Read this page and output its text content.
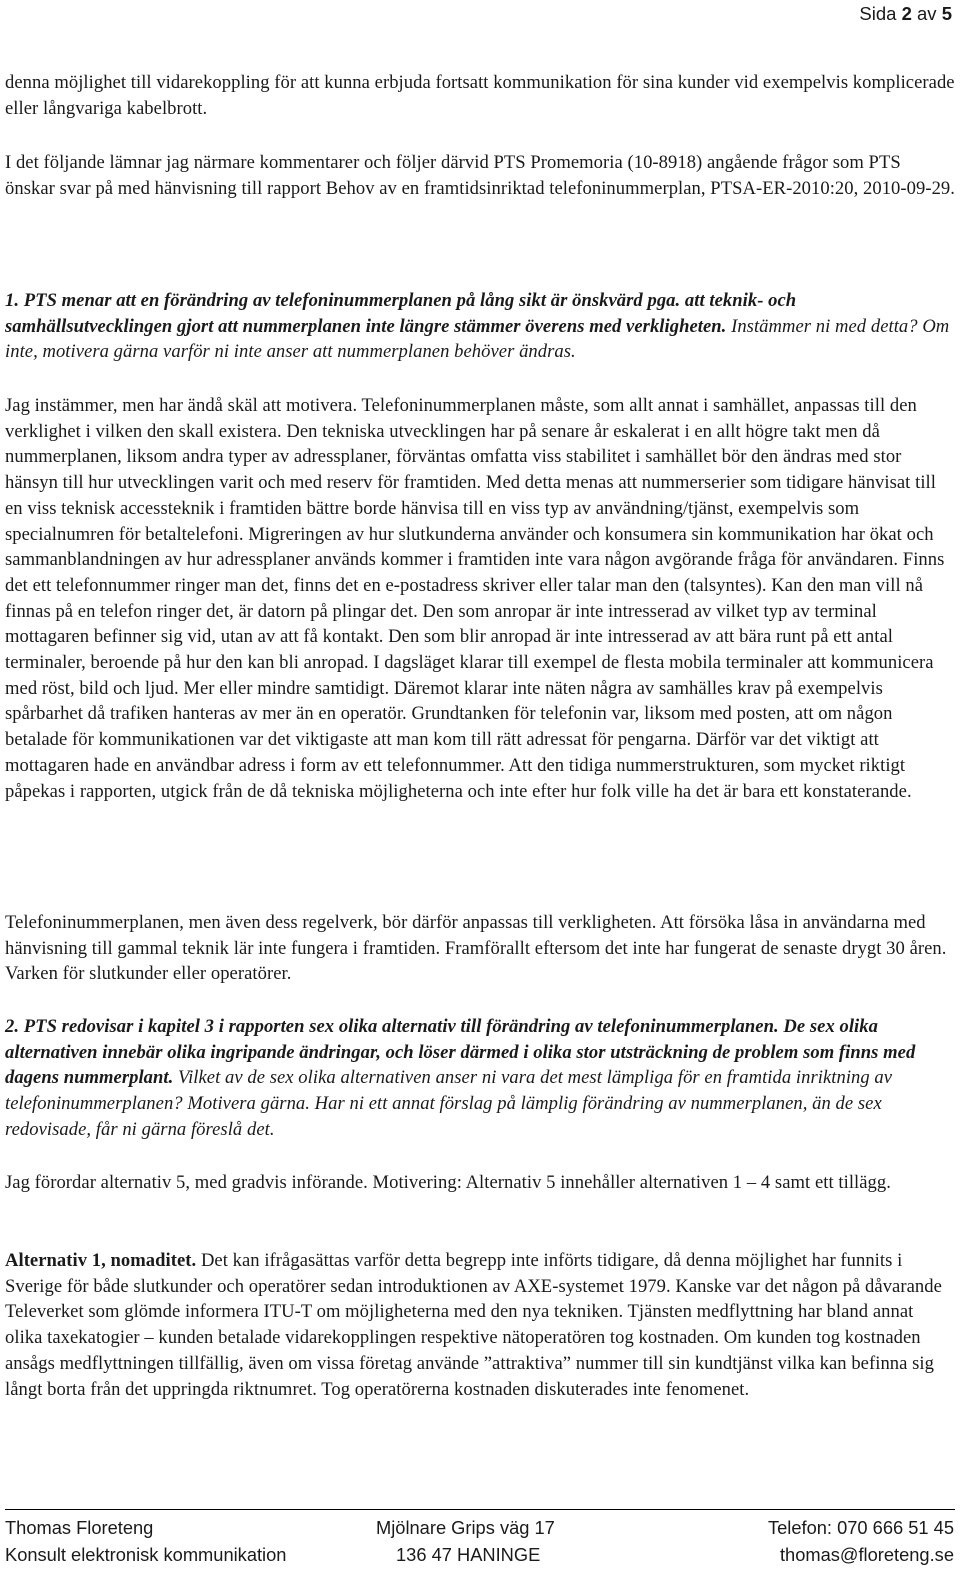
Sida 2 av 5
denna möjlighet till vidarekoppling för att kunna erbjuda fortsatt kommunikation för sina kunder vid exempelvis komplicerade eller långvariga kabelbrott.
I det följande lämnar jag närmare kommentarer och följer därvid PTS Promemoria (10-8918) angående frågor som PTS önskar svar på med hänvisning till rapport Behov av en framtidsinriktad telefoninummerplan, PTSA-ER-2010:20, 2010-09-29.
1. PTS menar att en förändring av telefoninummerplanen på lång sikt är önskvärd pga. att teknik- och samhällsutvecklingen gjort att nummerplanen inte längre stämmer överens med verkligheten. Instämmer ni med detta? Om inte, motivera gärna varför ni inte anser att nummerplanen behöver ändras.
Jag instämmer, men har ändå skäl att motivera. Telefoninummerplanen måste, som allt annat i samhället, anpassas till den verklighet i vilken den skall existera. Den tekniska utvecklingen har på senare år eskalerat i en allt högre takt men då nummerplanen, liksom andra typer av adressplaner, förväntas omfatta viss stabilitet i samhället bör den ändras med stor hänsyn till hur utvecklingen varit och med reserv för framtiden. Med detta menas att nummerserier som tidigare hänvisat till en viss teknisk accessteknik i framtiden bättre borde hänvisa till en viss typ av användning/tjänst, exempelvis som specialnumren för betaltelefoni. Migreringen av hur slutkunderna använder och konsumera sin kommunikation har ökat och sammanblandningen av hur adressplaner används kommer i framtiden inte vara någon avgörande fråga för användaren. Finns det ett telefonnummer ringer man det, finns det en e-postadress skriver eller talar man den (talsyntes). Kan den man vill nå finnas på en telefon ringer det, är datorn på plingar det. Den som anropar är inte intresserad av vilket typ av terminal mottagaren befinner sig vid, utan av att få kontakt. Den som blir anropad är inte intresserad av att bära runt på ett antal terminaler, beroende på hur den kan bli anropad. I dagsläget klarar till exempel de flesta mobila terminaler att kommunicera med röst, bild och ljud. Mer eller mindre samtidigt. Däremot klarar inte näten några av samhälles krav på exempelvis spårbarhet då trafiken hanteras av mer än en operatör. Grundtanken för telefonin var, liksom med posten, att om någon betalade för kommunikationen var det viktigaste att man kom till rätt adressat för pengarna. Därför var det viktigt att mottagaren hade en användbar adress i form av ett telefonnummer. Att den tidiga nummerstrukturen, som mycket riktigt påpekas i rapporten, utgick från de då tekniska möjligheterna och inte efter hur folk ville ha det är bara ett konstaterande.
Telefoninummerplanen, men även dess regelverk, bör därför anpassas till verkligheten. Att försöka låsa in användarna med hänvisning till gammal teknik lär inte fungera i framtiden. Framförallt eftersom det inte har fungerat de senaste drygt 30 åren. Varken för slutkunder eller operatörer.
2. PTS redovisar i kapitel 3 i rapporten sex olika alternativ till förändring av telefoninummerplanen. De sex olika alternativen innebär olika ingripande ändringar, och löser därmed i olika stor utsträckning de problem som finns med dagens nummerplant. Vilket av de sex olika alternativen anser ni vara det mest lämpliga för en framtida inriktning av telefoninummerplanen? Motivera gärna. Har ni ett annat förslag på lämplig förändring av nummerplanen, än de sex redovisade, får ni gärna föreslå det.
Jag förordar alternativ 5, med gradvis införande. Motivering: Alternativ 5 innehåller alternativen 1 – 4 samt ett tillägg.
Alternativ 1, nomaditet. Det kan ifrågasättas varför detta begrepp inte införts tidigare, då denna möjlighet har funnits i Sverige för både slutkunder och operatörer sedan introduktionen av AXE-systemet 1979. Kanske var det någon på dåvarande Televerket som glömde informera ITU-T om möjligheterna med den nya tekniken. Tjänsten medflyttning har bland annat olika taxekatogier – kunden betalade vidarekopplingen respektive nätoperatören tog kostnaden. Om kunden tog kostnaden ansågs medflyttningen tillfällig, även om vissa företag använde ”attraktiva” nummer till sin kundtjänst vilka kan befinna sig långt borta från det uppringda riktnumret. Tog operatörerna kostnaden diskuterades inte fenomenet.
Thomas Floreteng
Konsult elektronisk kommunikation
Mjölnare Grips väg 17
136 47 HANINGE
Telefon: 070 666 51 45
thomas@floreteng.se
